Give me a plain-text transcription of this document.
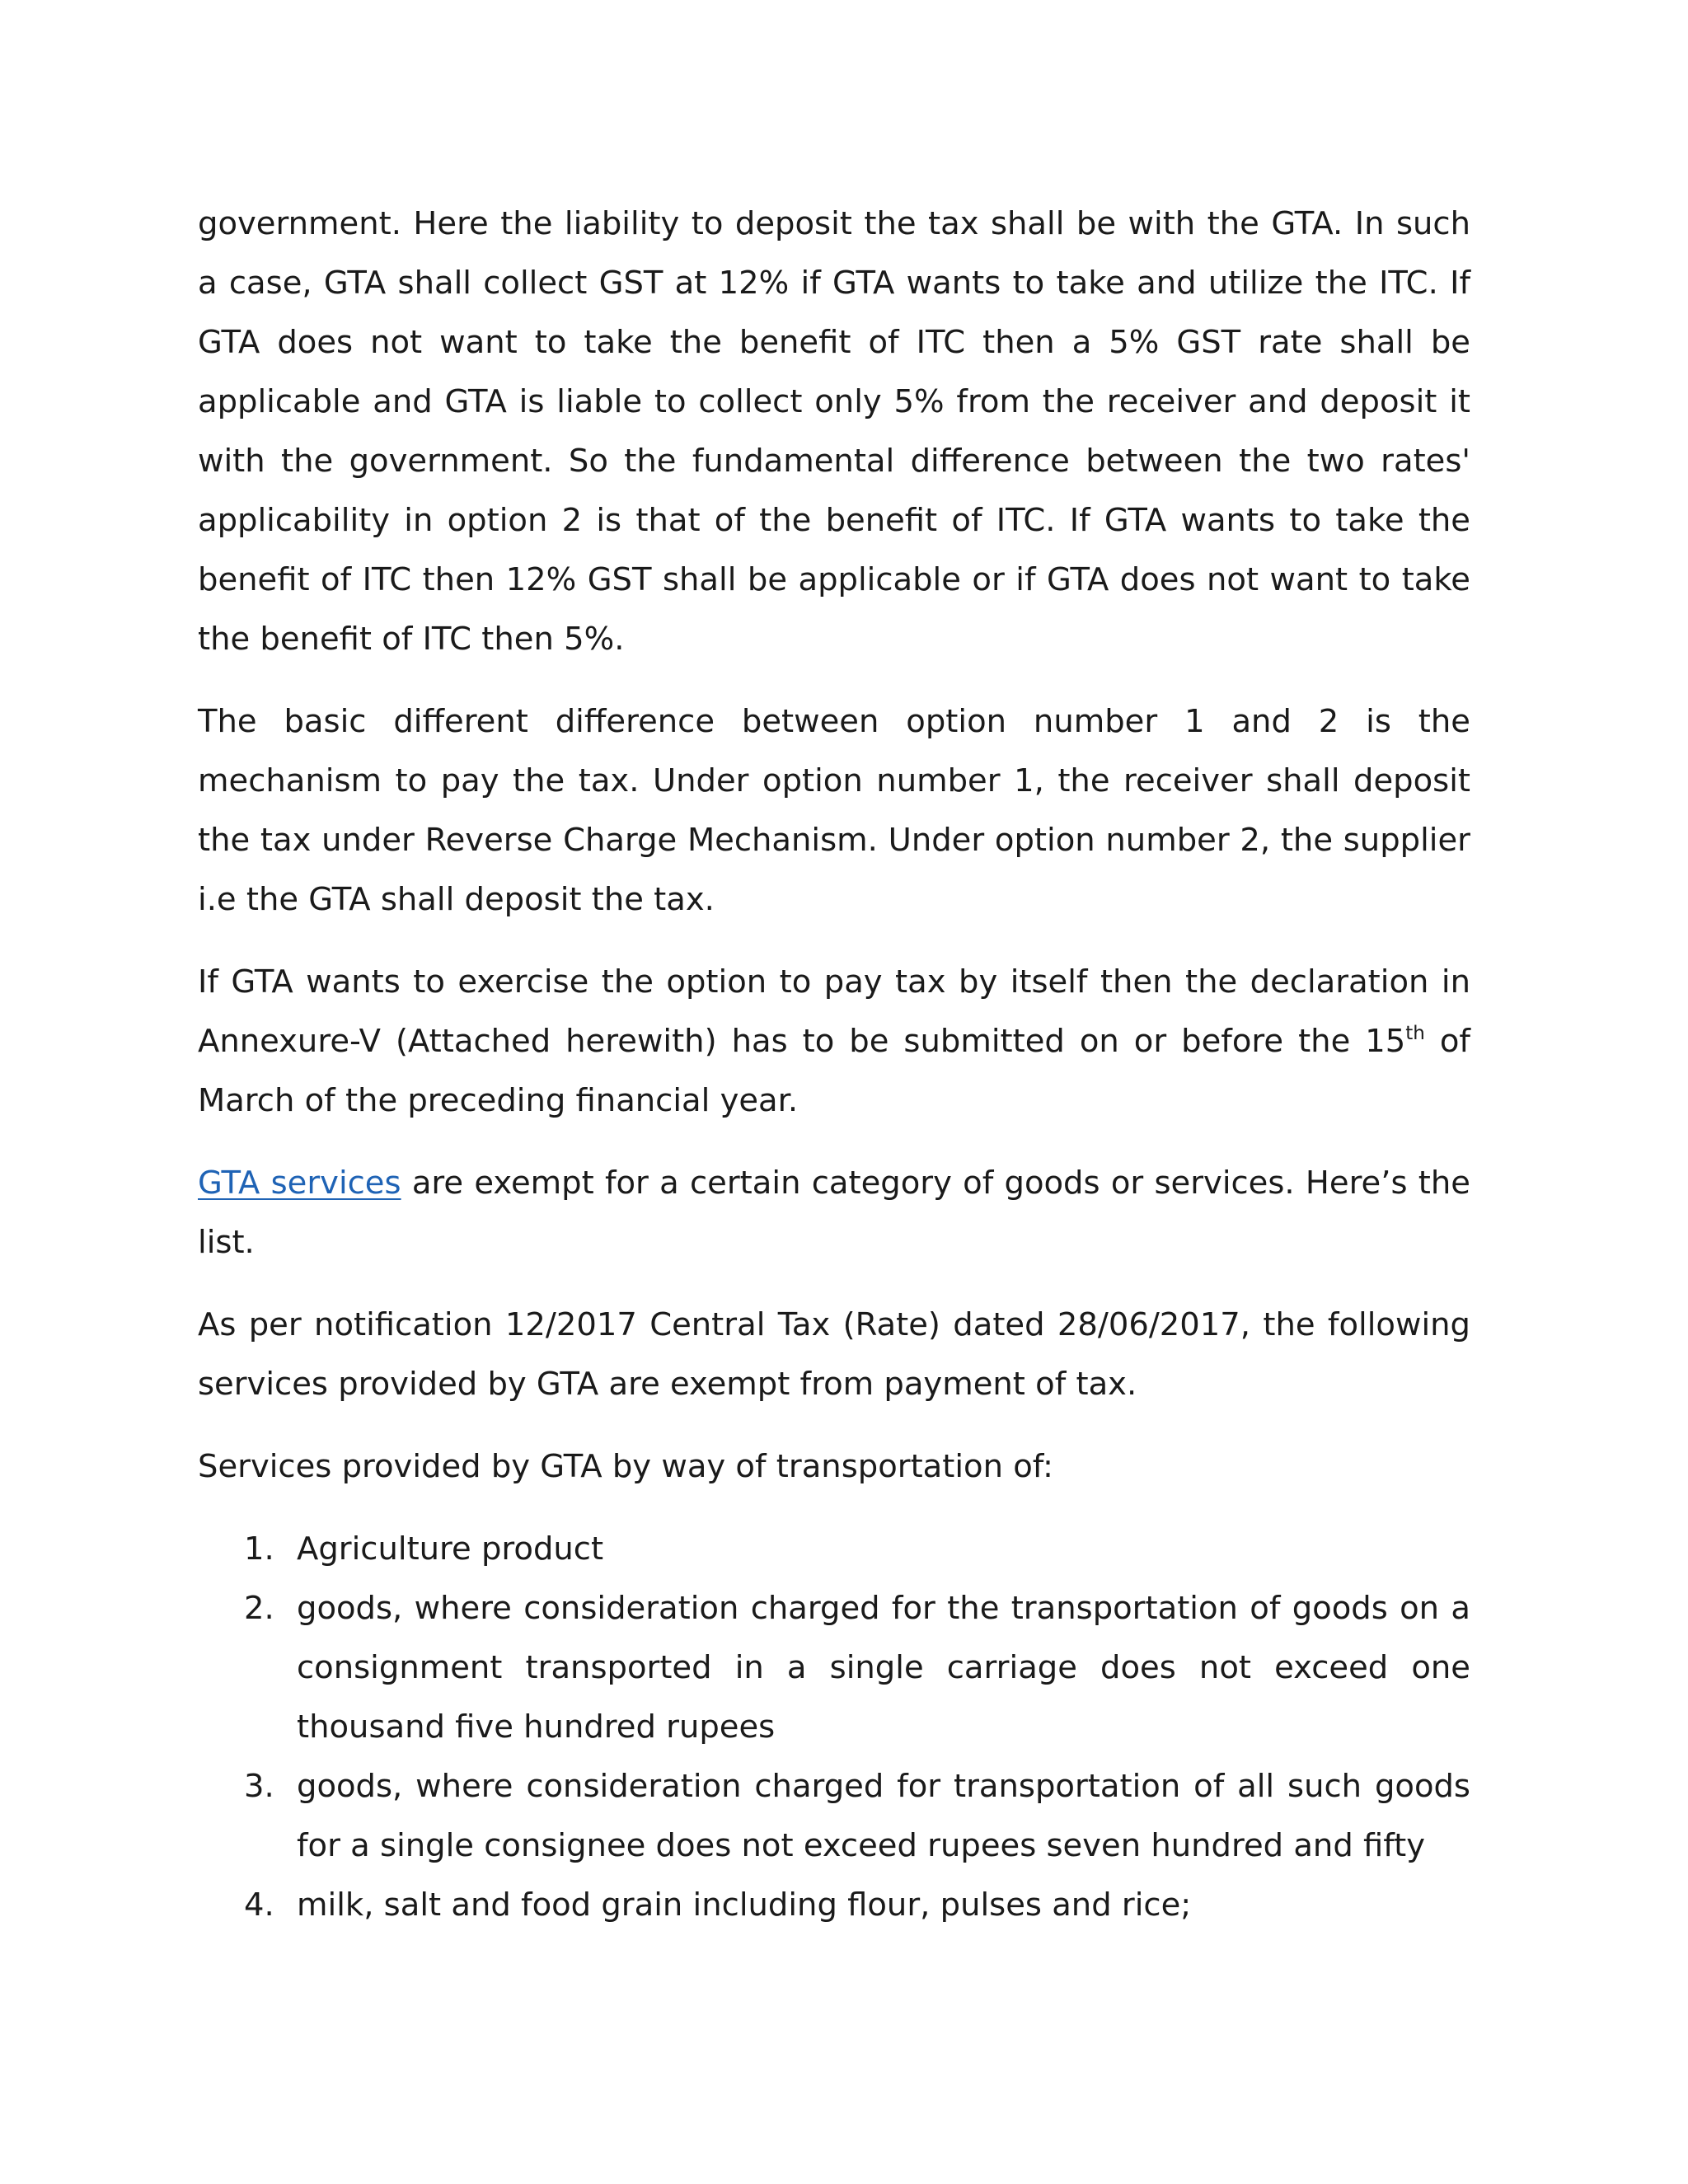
government. Here the liability to deposit the tax shall be with the GTA. In such a case, GTA shall collect GST at 12% if GTA wants to take and utilize the ITC. If GTA does not want to take the benefit of ITC then a 5% GST rate shall be applicable and GTA is liable to collect only 5% from the receiver and deposit it with the government. So the fundamental difference between the two rates' applicability in option 2 is that of the benefit of ITC. If GTA wants to take the benefit of ITC then 12% GST shall be applicable or if GTA does not want to take the benefit of ITC then 5%.

The basic different difference between option number 1 and 2 is the mechanism to pay the tax. Under option number 1, the receiver shall deposit the tax under Reverse Charge Mechanism. Under option number 2, the supplier i.e the GTA shall deposit the tax.

If GTA wants to exercise the option to pay tax by itself then the declaration in Annexure-V (Attached herewith) has to be submitted on or before the 15th of March of the preceding financial year.

GTA services are exempt for a certain category of goods or services. Here’s the list.

As per notification 12/2017 Central Tax (Rate) dated 28/06/2017, the following services provided by GTA are exempt from payment of tax.

Services provided by GTA by way of transportation of:

1. Agriculture product
2. goods, where consideration charged for the transportation of goods on a consignment transported in a single carriage does not exceed one thousand five hundred rupees
3. goods, where consideration charged for transportation of all such goods for a single consignee does not exceed rupees seven hundred and fifty
4. milk, salt and food grain including flour, pulses and rice;
